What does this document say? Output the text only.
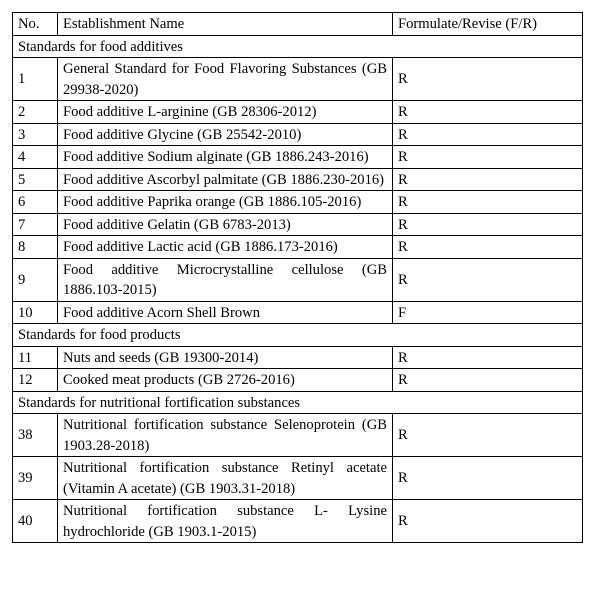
No.	Establishment Name	Formulate/Revise (F/R)
Standards for food additives		
1	General Standard for Food Flavoring Substances (GB 29938-2020)	R
2	Food additive L-arginine (GB 28306-2012)	R
3	Food additive Glycine (GB 25542-2010)	R
4	Food additive Sodium alginate (GB 1886.243-2016)	R
5	Food additive Ascorbyl palmitate (GB 1886.230-2016)	R
6	Food additive Paprika orange (GB 1886.105-2016)	R
7	Food additive Gelatin (GB 6783-2013)	R
8	Food additive Lactic acid (GB 1886.173-2016)	R
9	Food additive Microcrystalline cellulose (GB 1886.103-2015)	R
10	Food additive Acorn Shell Brown	F
Standards for food products		
11	Nuts and seeds (GB 19300-2014)	R
12	Cooked meat products (GB 2726-2016)	R
Standards for nutritional fortification substances		
38	Nutritional fortification substance Selenoprotein (GB 1903.28-2018)	R
39	Nutritional fortification substance Retinyl acetate (Vitamin A acetate) (GB 1903.31-2018)	R
40	Nutritional fortification substance L- Lysine hydrochloride (GB 1903.1-2015)	R
